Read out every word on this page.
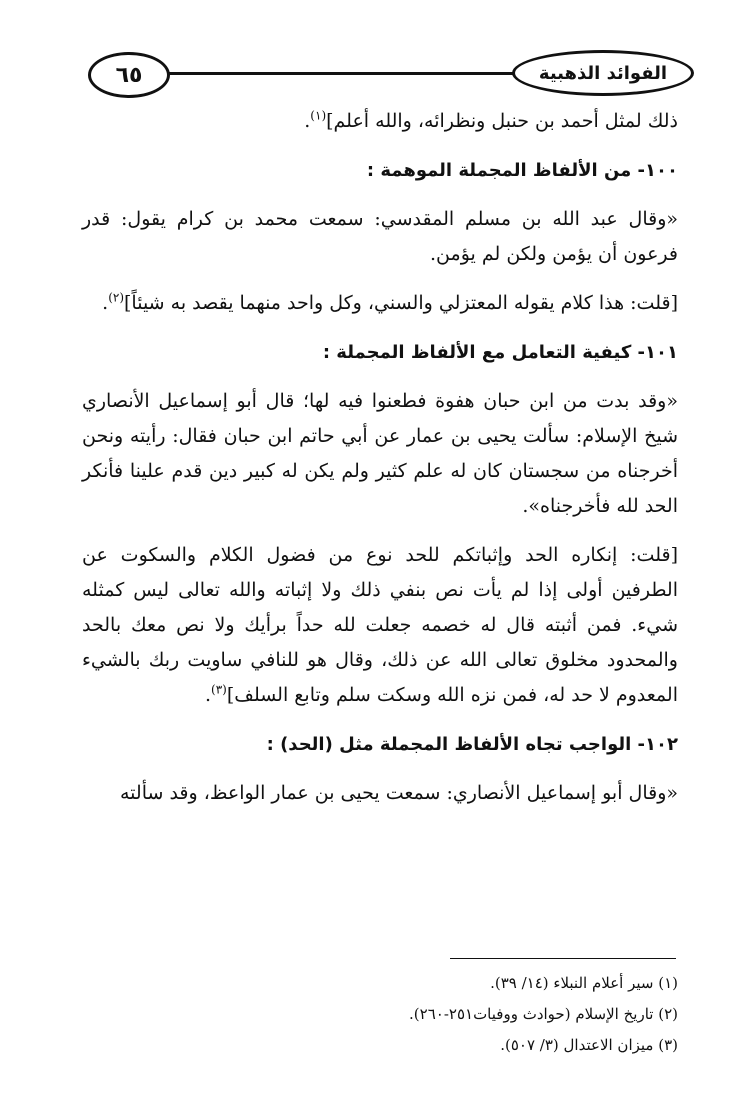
٦٥	الفوائد الذهبية

ذلك لمثل أحمد بن حنبل ونظرائه، والله أعلم]$^{(١)}$.

١٠٠- من الألفاظ المجملة الموهمة :

«وقال عبد الله بن مسلم المقدسي: سمعت محمد بن كرام يقول: قدر فرعون أن يؤمن ولكن لم يؤمن.

[قلت: هذا كلام يقوله المعتزلي والسني، وكل واحد منهما يقصد به شيئاً]$^{(٢)}$.

١٠١- كيفية التعامل مع الألفاظ المجملة :

«وقد بدت من ابن حبان هفوة فطعنوا فيه لها؛ قال أبو إسماعيل الأنصاري شيخ الإسلام: سألت يحيى بن عمار عن أبي حاتم ابن حبان فقال: رأيته ونحن أخرجناه من سجستان كان له علم كثير ولم يكن له كبير دين قدم علينا فأنكر الحد لله فأخرجناه».

[قلت: إنكاره الحد وإثباتكم للحد نوع من فضول الكلام والسكوت عن الطرفين أولى إذا لم يأت نص بنفي ذلك ولا إثباته والله تعالى ليس كمثله شيء. فمن أثبته قال له خصمه جعلت لله حداً برأيك ولا نص معك بالحد والمحدود مخلوق تعالى الله عن ذلك، وقال هو للنافي ساويت ربك بالشيء المعدوم لا حد له، فمن نزه الله وسكت سلم وتابع السلف]$^{(٣)}$.

١٠٢- الواجب تجاه الألفاظ المجملة مثل (الحد) :

«وقال أبو إسماعيل الأنصاري: سمعت يحيى بن عمار الواعظ، وقد سألته

(١) سير أعلام النبلاء (١٤/ ٣٩).
(٢) تاريخ الإسلام (حوادث ووفيات٢٥١-٢٦٠).
(٣) ميزان الاعتدال (٣/ ٥٠٧).
